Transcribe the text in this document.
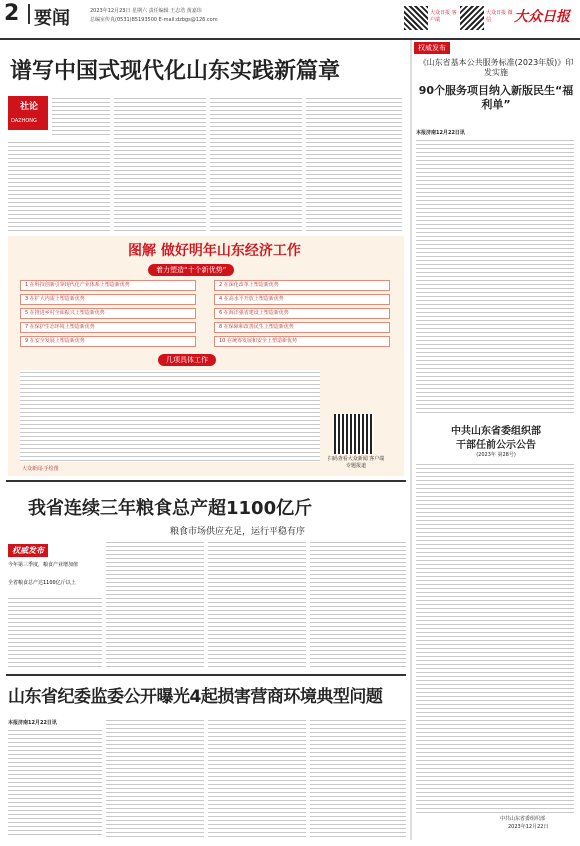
2 要闻	2023年12月23日 星期六 责任编辑 王志浩 黄嘉玮
总编室传真(0531)85193500 E-mail:dzbgs@126.com
大众日报 客户端
大众日报 微信	大众日报
谱写中国式现代化山东实践新篇章
社论
DAZHONG
图解 做好明年山东经济工作
着力塑造“十个新优势”
1 在科技创新引领现代化产业体系上塑造新优势	2 在深化改革上塑造新优势
3 在扩大内需上塑造新优势	4 在高水平开放上塑造新优势
5 在推进乡村全面振兴上塑造新优势	6 在海洋强省建设上塑造新优势
7 在保护生态环境上塑造新优势	8 在保障和改善民生上塑造新优势
9 在安全发展上塑造新优势	10 在统筹发展和安全上塑造新优势
几项具体工作
扫码查看大众新闻 客户端专题报道
大众新闻·手绘图
权威发布
《山东省基本公共服务标准(2023年版)》印发实施
90个服务项目纳入新版民生“福利单”
本报济南12月22日讯
中共山东省委组织部
干部任前公示公告
(2023年 第28号)
中共山东省委组织部
2023年12月22日
我省连续三年粮食总产超1100亿斤
粮食市场供应充足，运行平稳有序
权威发布
今年第三季度，粮食产业增加值
全省粮食总产达1100亿斤以上
山东省纪委监委公开曝光4起损害营商环境典型问题
本报济南12月22日讯
